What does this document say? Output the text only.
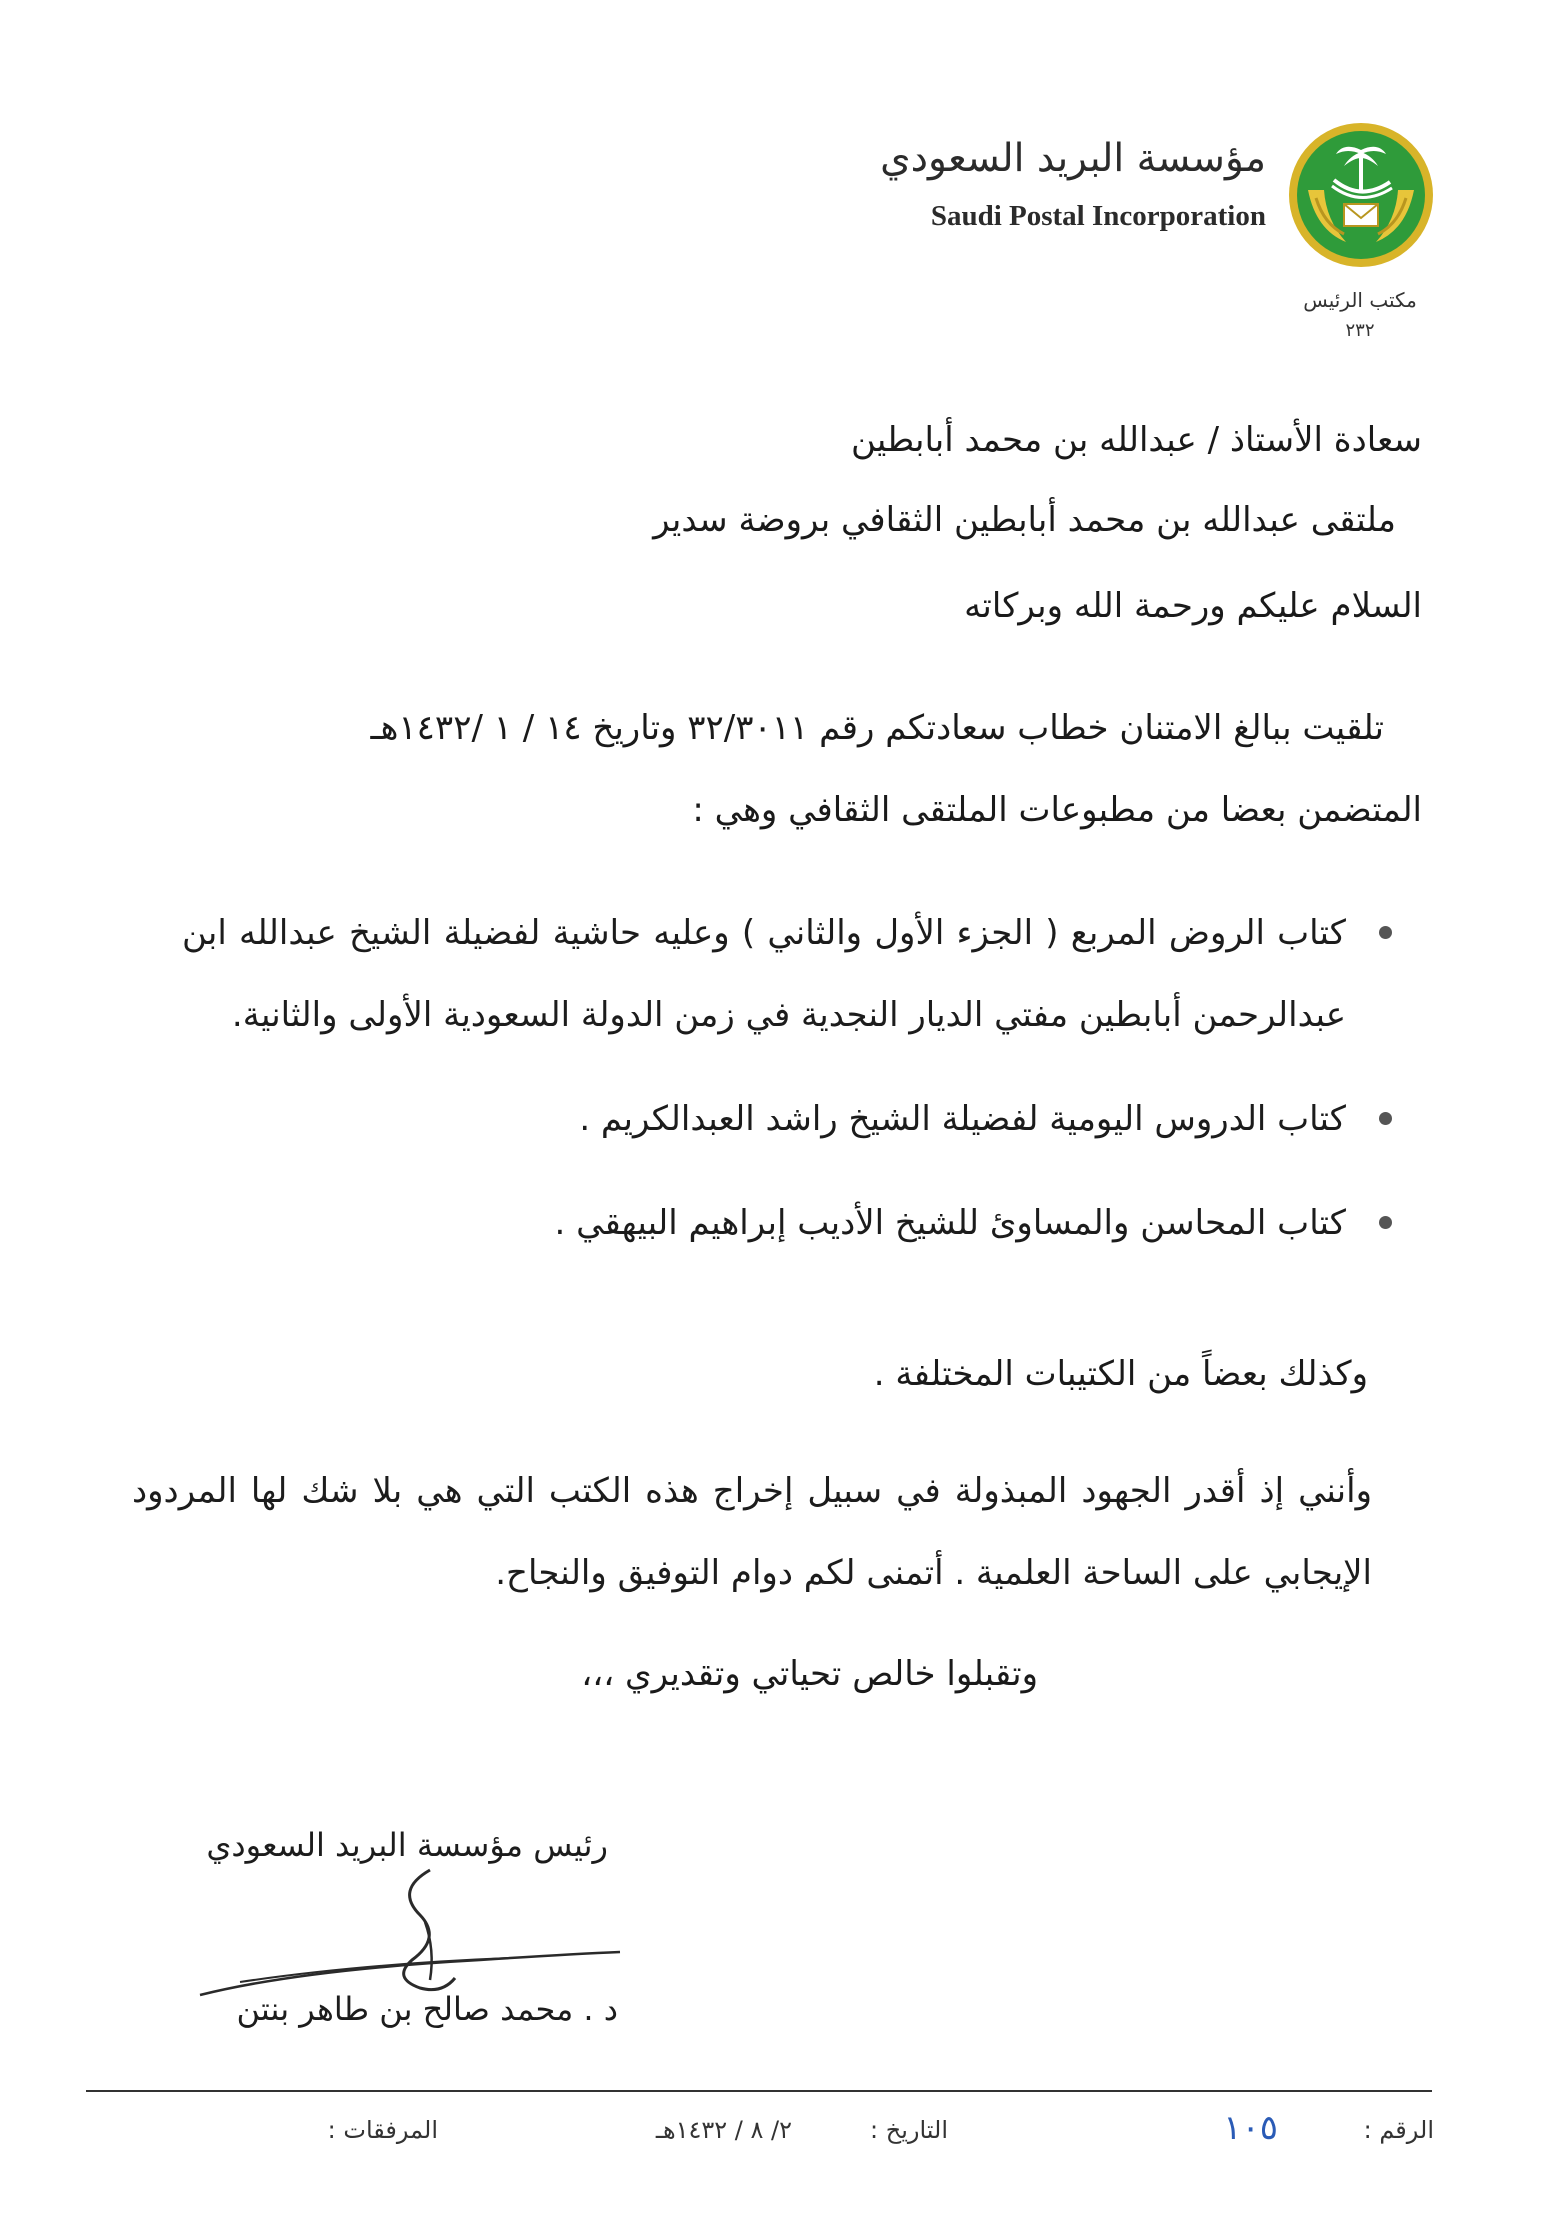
مؤسسة البريد السعودي
Saudi Postal Incorporation
مكتب الرئيس
٢٣٢
سعادة الأستاذ / عبدالله بن محمد أبابطين
ملتقى عبدالله بن محمد أبابطين الثقافي بروضة سدير
السلام عليكم ورحمة الله وبركاته
تلقيت ببالغ الامتنان خطاب سعادتكم رقم ٣٢/٣٠١١ وتاريخ ١٤ / ١ /١٤٣٢هـ
المتضمن بعضا من مطبوعات الملتقى الثقافي وهي :
كتاب الروض المربع ( الجزء الأول والثاني ) وعليه حاشية لفضيلة الشيخ عبدالله ابن عبدالرحمن أبابطين مفتي الديار النجدية في زمن الدولة السعودية الأولى والثانية.
كتاب الدروس اليومية لفضيلة الشيخ راشد العبدالكريم .
كتاب المحاسن والمساوئ للشيخ الأديب إبراهيم البيهقي .
وكذلك بعضاً من الكتيبات المختلفة .
وأنني إذ أقدر الجهود المبذولة في سبيل إخراج هذه الكتب التي هي بلا شك لها المردود الإيجابي على الساحة العلمية . أتمنى لكم دوام التوفيق والنجاح.
وتقبلوا خالص تحياتي وتقديري ،،،
رئيس مؤسسة البريد السعودي
د . محمد صالح بن طاهر بنتن
الرقم :
١٠٥
التاريخ :
٢/ ٨ / ١٤٣٢هـ
المرفقات :
